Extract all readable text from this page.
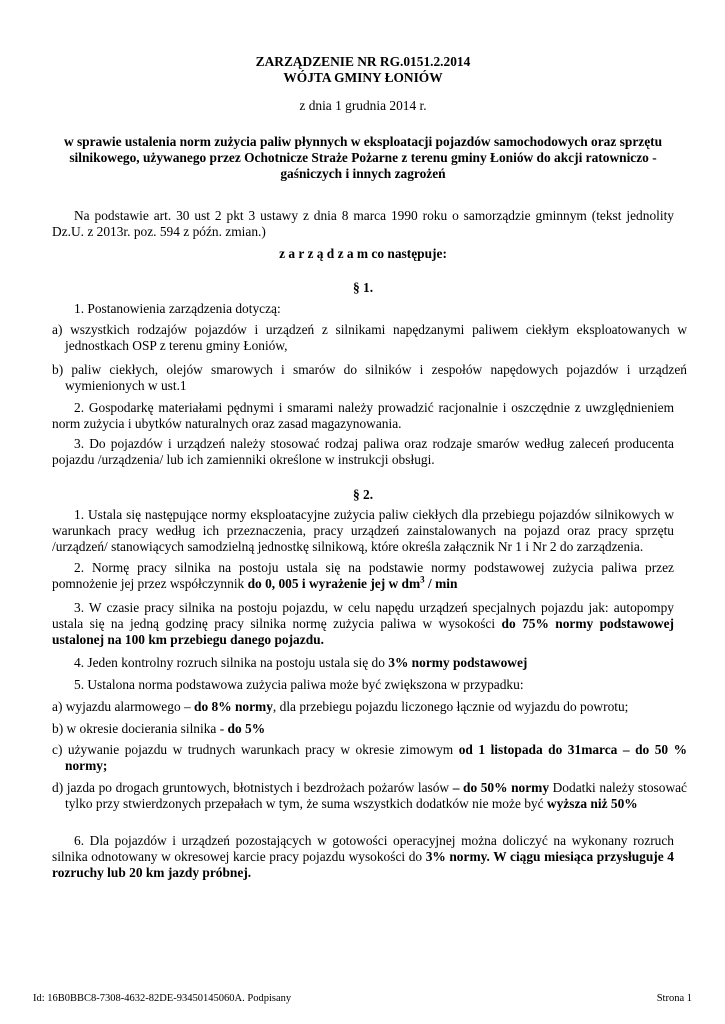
ZARZĄDZENIE NR RG.0151.2.2014
WÓJTA GMINY ŁONIÓW
z dnia 1 grudnia 2014 r.
w sprawie ustalenia norm zużycia paliw płynnych w eksploatacji pojazdów samochodowych oraz sprzętu silnikowego, używanego przez Ochotnicze Straże Pożarne z terenu gminy Łoniów do akcji ratowniczo - gaśniczych i innych zagrożeń
Na podstawie art. 30 ust 2 pkt 3 ustawy z dnia 8 marca 1990 roku o samorządzie gminnym (tekst jednolity Dz.U. z 2013r. poz. 594 z późn. zmian.)
z a r z ą d z a m co następuje:
§ 1.
1. Postanowienia zarządzenia dotyczą:
a) wszystkich rodzajów pojazdów i urządzeń z silnikami napędzanymi paliwem ciekłym eksploatowanych w jednostkach OSP z terenu gminy Łoniów,
b) paliw ciekłych, olejów smarowych i smarów do silników i zespołów napędowych pojazdów i urządzeń wymienionych w ust.1
2. Gospodarkę materiałami pędnymi i smarami należy prowadzić racjonalnie i oszczędnie z uwzględnieniem norm zużycia i ubytków naturalnych oraz zasad magazynowania.
3. Do pojazdów i urządzeń należy stosować rodzaj paliwa oraz rodzaje smarów według zaleceń producenta pojazdu /urządzenia/ lub ich zamienniki określone w instrukcji obsługi.
§ 2.
1. Ustala się następujące normy eksploatacyjne zużycia paliw ciekłych dla przebiegu pojazdów silnikowych w warunkach pracy według ich przeznaczenia, pracy urządzeń zainstalowanych na pojazd oraz pracy sprzętu /urządzeń/ stanowiących samodzielną jednostkę silnikową, które określa załącznik Nr 1 i Nr 2 do zarządzenia.
2. Normę pracy silnika na postoju ustala się na podstawie normy podstawowej zużycia paliwa przez pomnożenie jej przez współczynnik do 0, 005 i wyrażenie jej w $dm^3$ / min
3. W czasie pracy silnika na postoju pojazdu, w celu napędu urządzeń specjalnych pojazdu jak: autopompy ustala się na jedną godzinę pracy silnika normę zużycia paliwa w wysokości do 75% normy podstawowej ustalonej na 100 km przebiegu danego pojazdu.
4. Jeden kontrolny rozruch silnika na postoju ustala się do 3% normy podstawowej
5. Ustalona norma podstawowa zużycia paliwa może być zwiększona w przypadku:
a) wyjazdu alarmowego – do 8% normy, dla przebiegu pojazdu liczonego łącznie od wyjazdu do powrotu;
b) w okresie docierania silnika - do 5%
c) używanie pojazdu w trudnych warunkach pracy w okresie zimowym od 1 listopada do 31marca – do 50 % normy;
d) jazda po drogach gruntowych, błotnistych i bezdrożach pożarów lasów – do 50% normy Dodatki należy stosować tylko przy stwierdzonych przepałach w tym, że suma wszystkich dodatków nie może być wyższa niż 50%
6. Dla pojazdów i urządzeń pozostających w gotowości operacyjnej można doliczyć na wykonany rozruch silnika odnotowany w okresowej karcie pracy pojazdu wysokości do 3% normy. W ciągu miesiąca przysługuje 4 rozruchy lub 20 km jazdy próbnej.
Id: 16B0BBC8-7308-4632-82DE-93450145060A. Podpisany	Strona 1
